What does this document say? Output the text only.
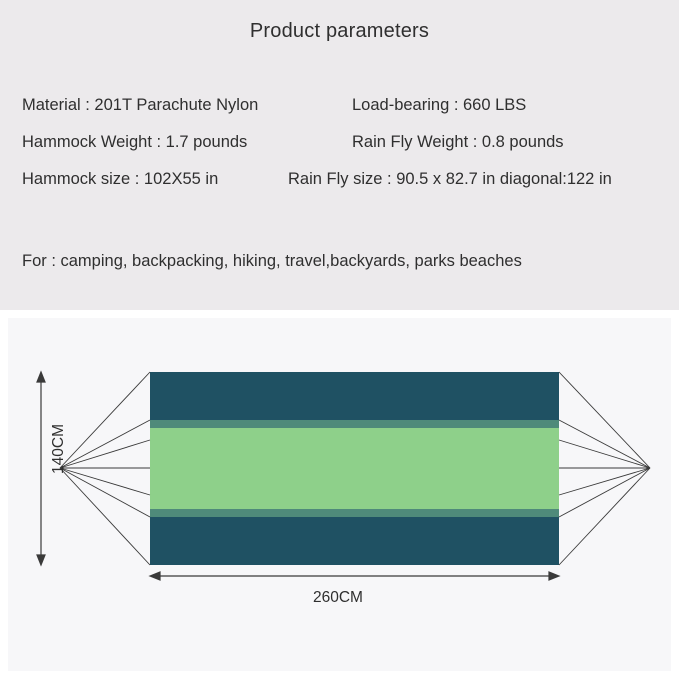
Product parameters
Material : 201T Parachute Nylon	Load-bearing : 660 LBS
Hammock Weight : 1.7 pounds	Rain Fly Weight : 0.8 pounds
Hammock size : 102X55 in	Rain Fly size : 90.5 x 82.7 in diagonal:122 in
For : camping, backpacking, hiking, travel,backyards, parks beaches
260CM
140CM
